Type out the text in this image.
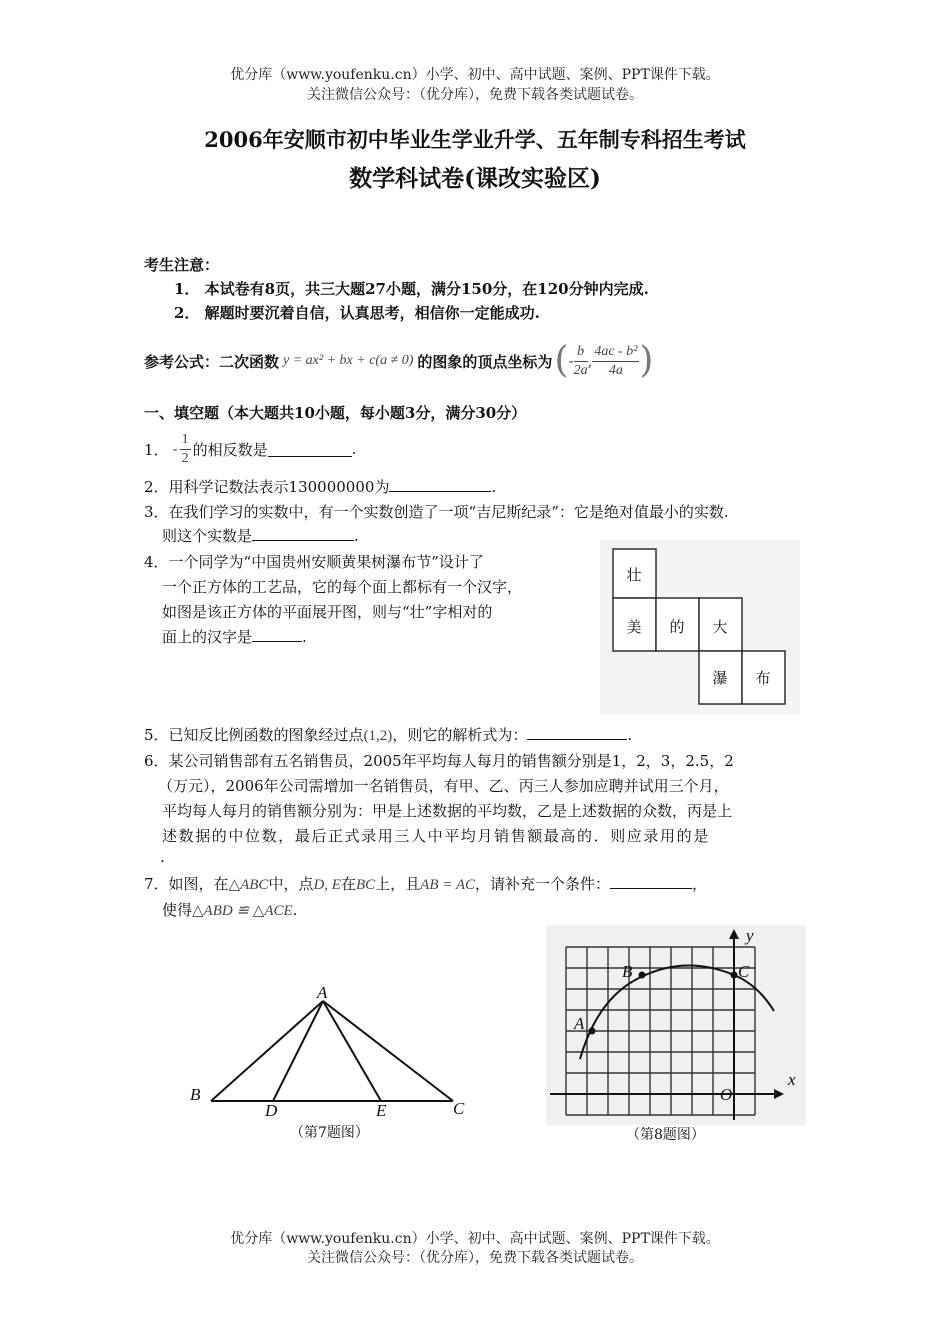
优分库（www.youfenku.cn）小学、初中、高中试题、案例、PPT课件下载。
关注微信公众号：（优分库），免费下载各类试题试卷。
2006年安顺市初中毕业生学业升学、五年制专科招生考试
数学科试卷(课改实验区)
考生注意：
1． 本试卷有8页，共三大题27小题，满分150分，在120分钟内完成.
2． 解题时要沉着自信，认真思考，相信你一定能成功.
参考公式：二次函数 y = ax² + bx + c(a ≠ 0) 的图象的顶点坐标为 ( - $\frac{b}{2a}$ , $\frac{\text{4ac - b²}}{4a}$ )
一、填空题（本大题共10小题，每小题3分，满分30分）
1． - $\frac{1}{2}$ 的相反数是	.
2．用科学记数法表示130000000为	.
3．在我们学习的实数中，有一个实数创造了一项“吉尼斯纪录”：它是绝对值最小的实数.
则这个实数是	.
4．一个同学为“中国贵州安顺黄果树瀑布节”设计了
一个正方体的工艺品，它的每个面上都标有一个汉字，
如图是该正方体的平面展开图，则与“壮”字相对的
面上的汉字是	.
壮
美 的 大
瀑 布
5．已知反比例函数的图象经过点(1,2)，则它的解析式为：	.
6．某公司销售部有五名销售员，2005年平均每人每月的销售额分别是1，2，3，2.5，2
（万元），2006年公司需增加一名销售员，有甲、乙、丙三人参加应聘并试用三个月，
平均每人每月的销售额分别为：甲是上述数据的平均数，乙是上述数据的众数，丙是上
述数据的中位数，最后正式录用三人中平均月销售额最高的．则应录用的是
.
7．如图，在△ABC中，点D, E在BC上，且AB = AC，请补充一个条件：	，
使得△ABD ≌ △ACE.
A
B
D	E	C
（第7题图）
A
B	C
O
x
y
（第8题图）
优分库（www.youfenku.cn）小学、初中、高中试题、案例、PPT课件下载。
关注微信公众号：（优分库），免费下载各类试题试卷。
